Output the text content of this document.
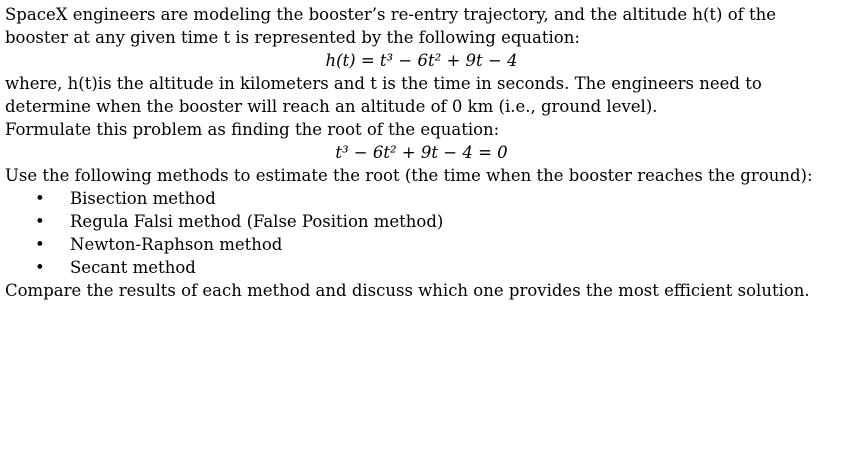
SpaceX engineers are modeling the booster’s re-entry trajectory, and the altitude h(t) of the booster at any given time t is represented by the following equation:

h(t) = t³ − 6t² + 9t − 4

where, h(t)is the altitude in kilometers and t is the time in seconds. The engineers need to determine when the booster will reach an altitude of 0 km (i.e., ground level).

Formulate this problem as finding the root of the equation:

t³ − 6t² + 9t − 4 = 0

Use the following methods to estimate the root (the time when the booster reaches the ground):

• Bisection method
• Regula Falsi method (False Position method)
• Newton-Raphson method
• Secant method

Compare the results of each method and discuss which one provides the most efficient solution.
